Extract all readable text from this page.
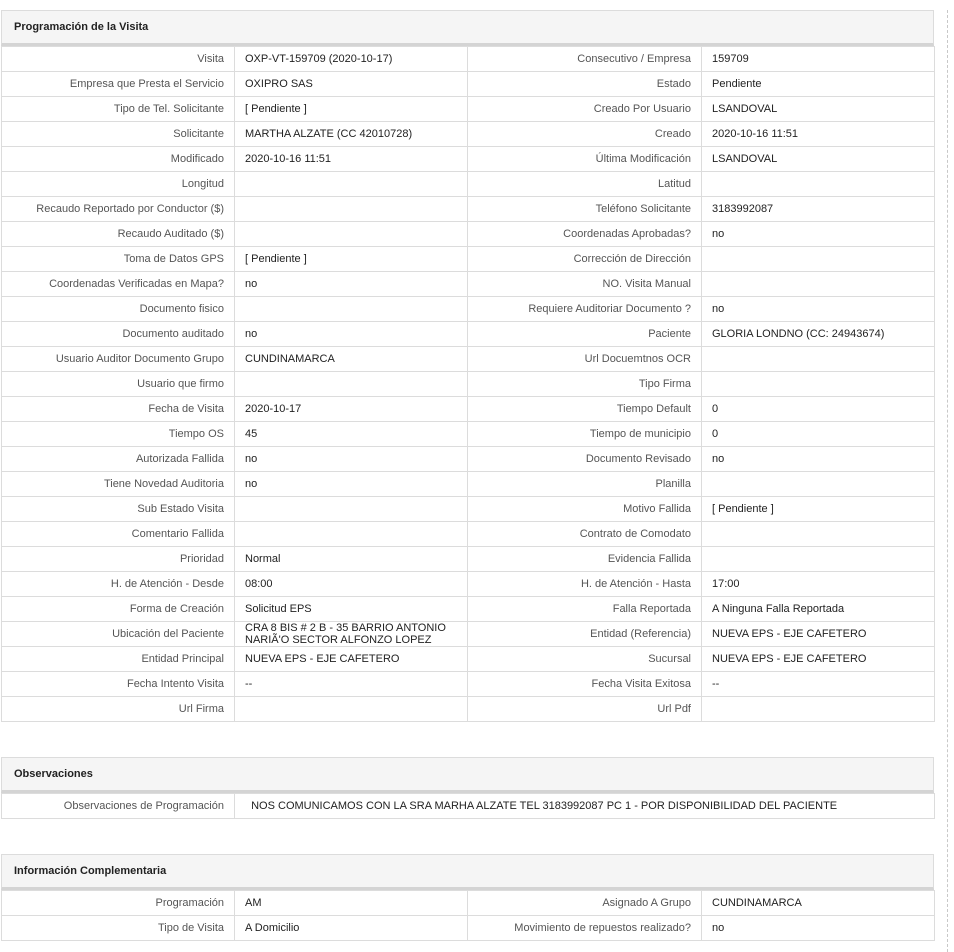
Programación de la Visita
Visita	OXP-VT-159709 (2020-10-17)	Consecutivo / Empresa	159709
Empresa que Presta el Servicio	OXIPRO SAS	Estado	Pendiente
Tipo de Tel. Solicitante	[ Pendiente ]	Creado Por Usuario	LSANDOVAL
Solicitante	MARTHA ALZATE (CC 42010728)	Creado	2020-10-16 11:51
Modificado	2020-10-16 11:51	Última Modificación	LSANDOVAL
Longitud		Latitud	
Recaudo Reportado por Conductor ($)		Teléfono Solicitante	3183992087
Recaudo Auditado ($)		Coordenadas Aprobadas?	no
Toma de Datos GPS	[ Pendiente ]	Corrección de Dirección	
Coordenadas Verificadas en Mapa?	no	NO. Visita Manual	
Documento fisico		Requiere Auditoriar Documento ?	no
Documento auditado	no	Paciente	GLORIA LONDNO (CC: 24943674)
Usuario Auditor Documento Grupo	CUNDINAMARCA	Url Docuemtnos OCR	
Usuario que firmo		Tipo Firma	
Fecha de Visita	2020-10-17	Tiempo Default	0
Tiempo OS	45	Tiempo de municipio	0
Autorizada Fallida	no	Documento Revisado	no
Tiene Novedad Auditoria	no	Planilla	
Sub Estado Visita		Motivo Fallida	[ Pendiente ]
Comentario Fallida		Contrato de Comodato	
Prioridad	Normal	Evidencia Fallida	
H. de Atención - Desde	08:00	H. de Atención - Hasta	17:00
Forma de Creación	Solicitud EPS	Falla Reportada	A Ninguna Falla Reportada
Ubicación del Paciente	CRA 8 BIS # 2 B - 35 BARRIO ANTONIO NARIÃ'O SECTOR ALFONZO LOPEZ	Entidad (Referencia)	NUEVA EPS - EJE CAFETERO
Entidad Principal	NUEVA EPS - EJE CAFETERO	Sucursal	NUEVA EPS - EJE CAFETERO
Fecha Intento Visita	--	Fecha Visita Exitosa	--
Url Firma		Url Pdf	
Observaciones
Observaciones de Programación	NOS COMUNICAMOS CON LA SRA MARHA ALZATE TEL 3183992087 PC 1 - POR DISPONIBILIDAD DEL PACIENTE
Información Complementaria
Programación	AM	Asignado A Grupo	CUNDINAMARCA
Tipo de Visita	A Domicilio	Movimiento de repuestos realizado?	no
